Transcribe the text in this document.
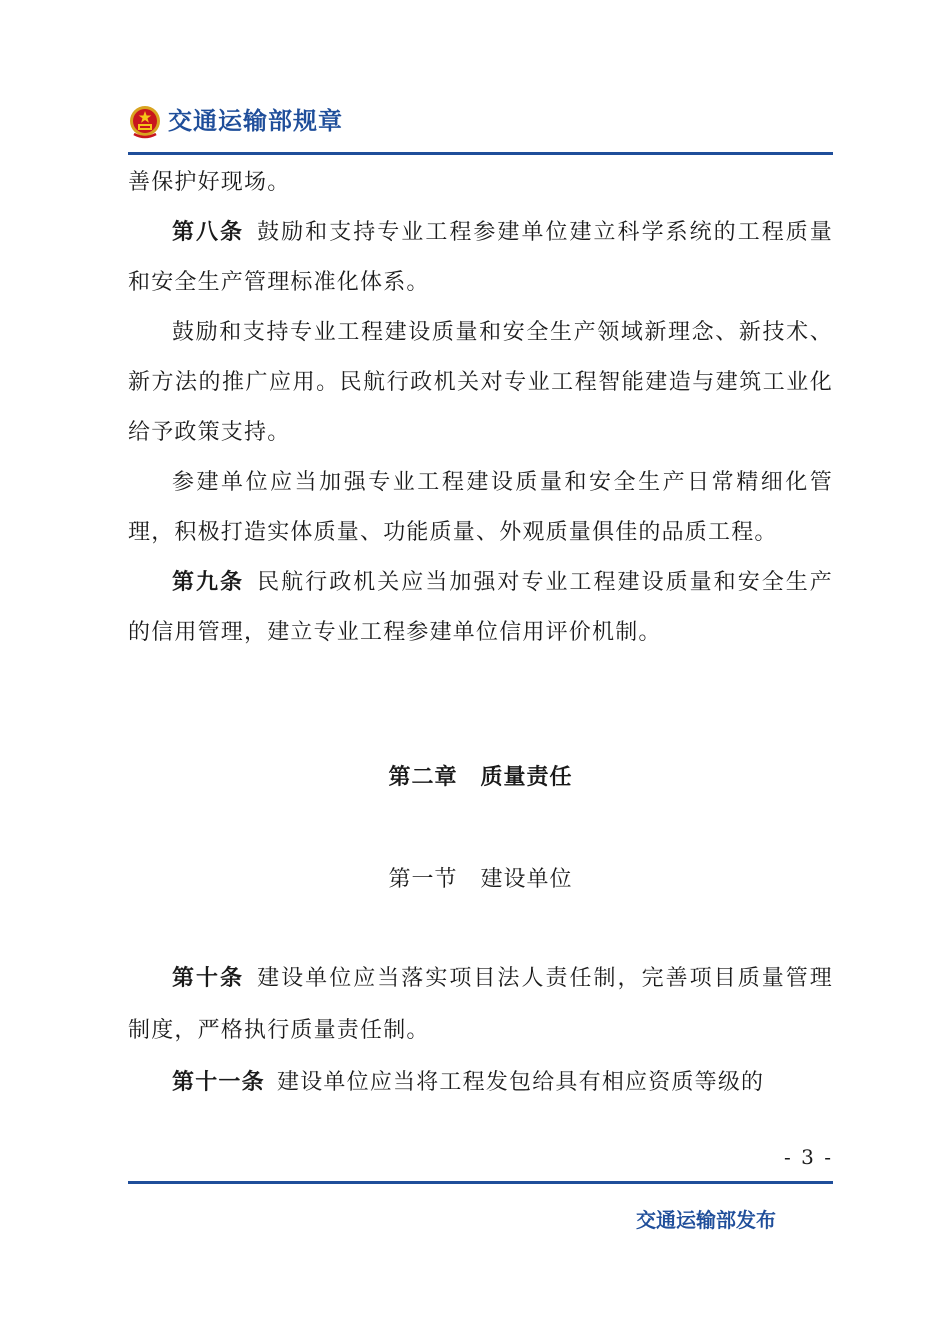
交通运输部规章

善保护好现场。

第八条  鼓励和支持专业工程参建单位建立科学系统的工程质量和安全生产管理标准化体系。

鼓励和支持专业工程建设质量和安全生产领域新理念、新技术、新方法的推广应用。民航行政机关对专业工程智能建造与建筑工业化给予政策支持。

参建单位应当加强专业工程建设质量和安全生产日常精细化管理，积极打造实体质量、功能质量、外观质量俱佳的品质工程。

第九条  民航行政机关应当加强对专业工程建设质量和安全生产的信用管理，建立专业工程参建单位信用评价机制。

第二章　质量责任
第一节　建设单位

第十条  建设单位应当落实项目法人责任制，完善项目质量管理制度，严格执行质量责任制。

第十一条  建设单位应当将工程发包给具有相应资质等级的

- 3 -
交通运输部发布
